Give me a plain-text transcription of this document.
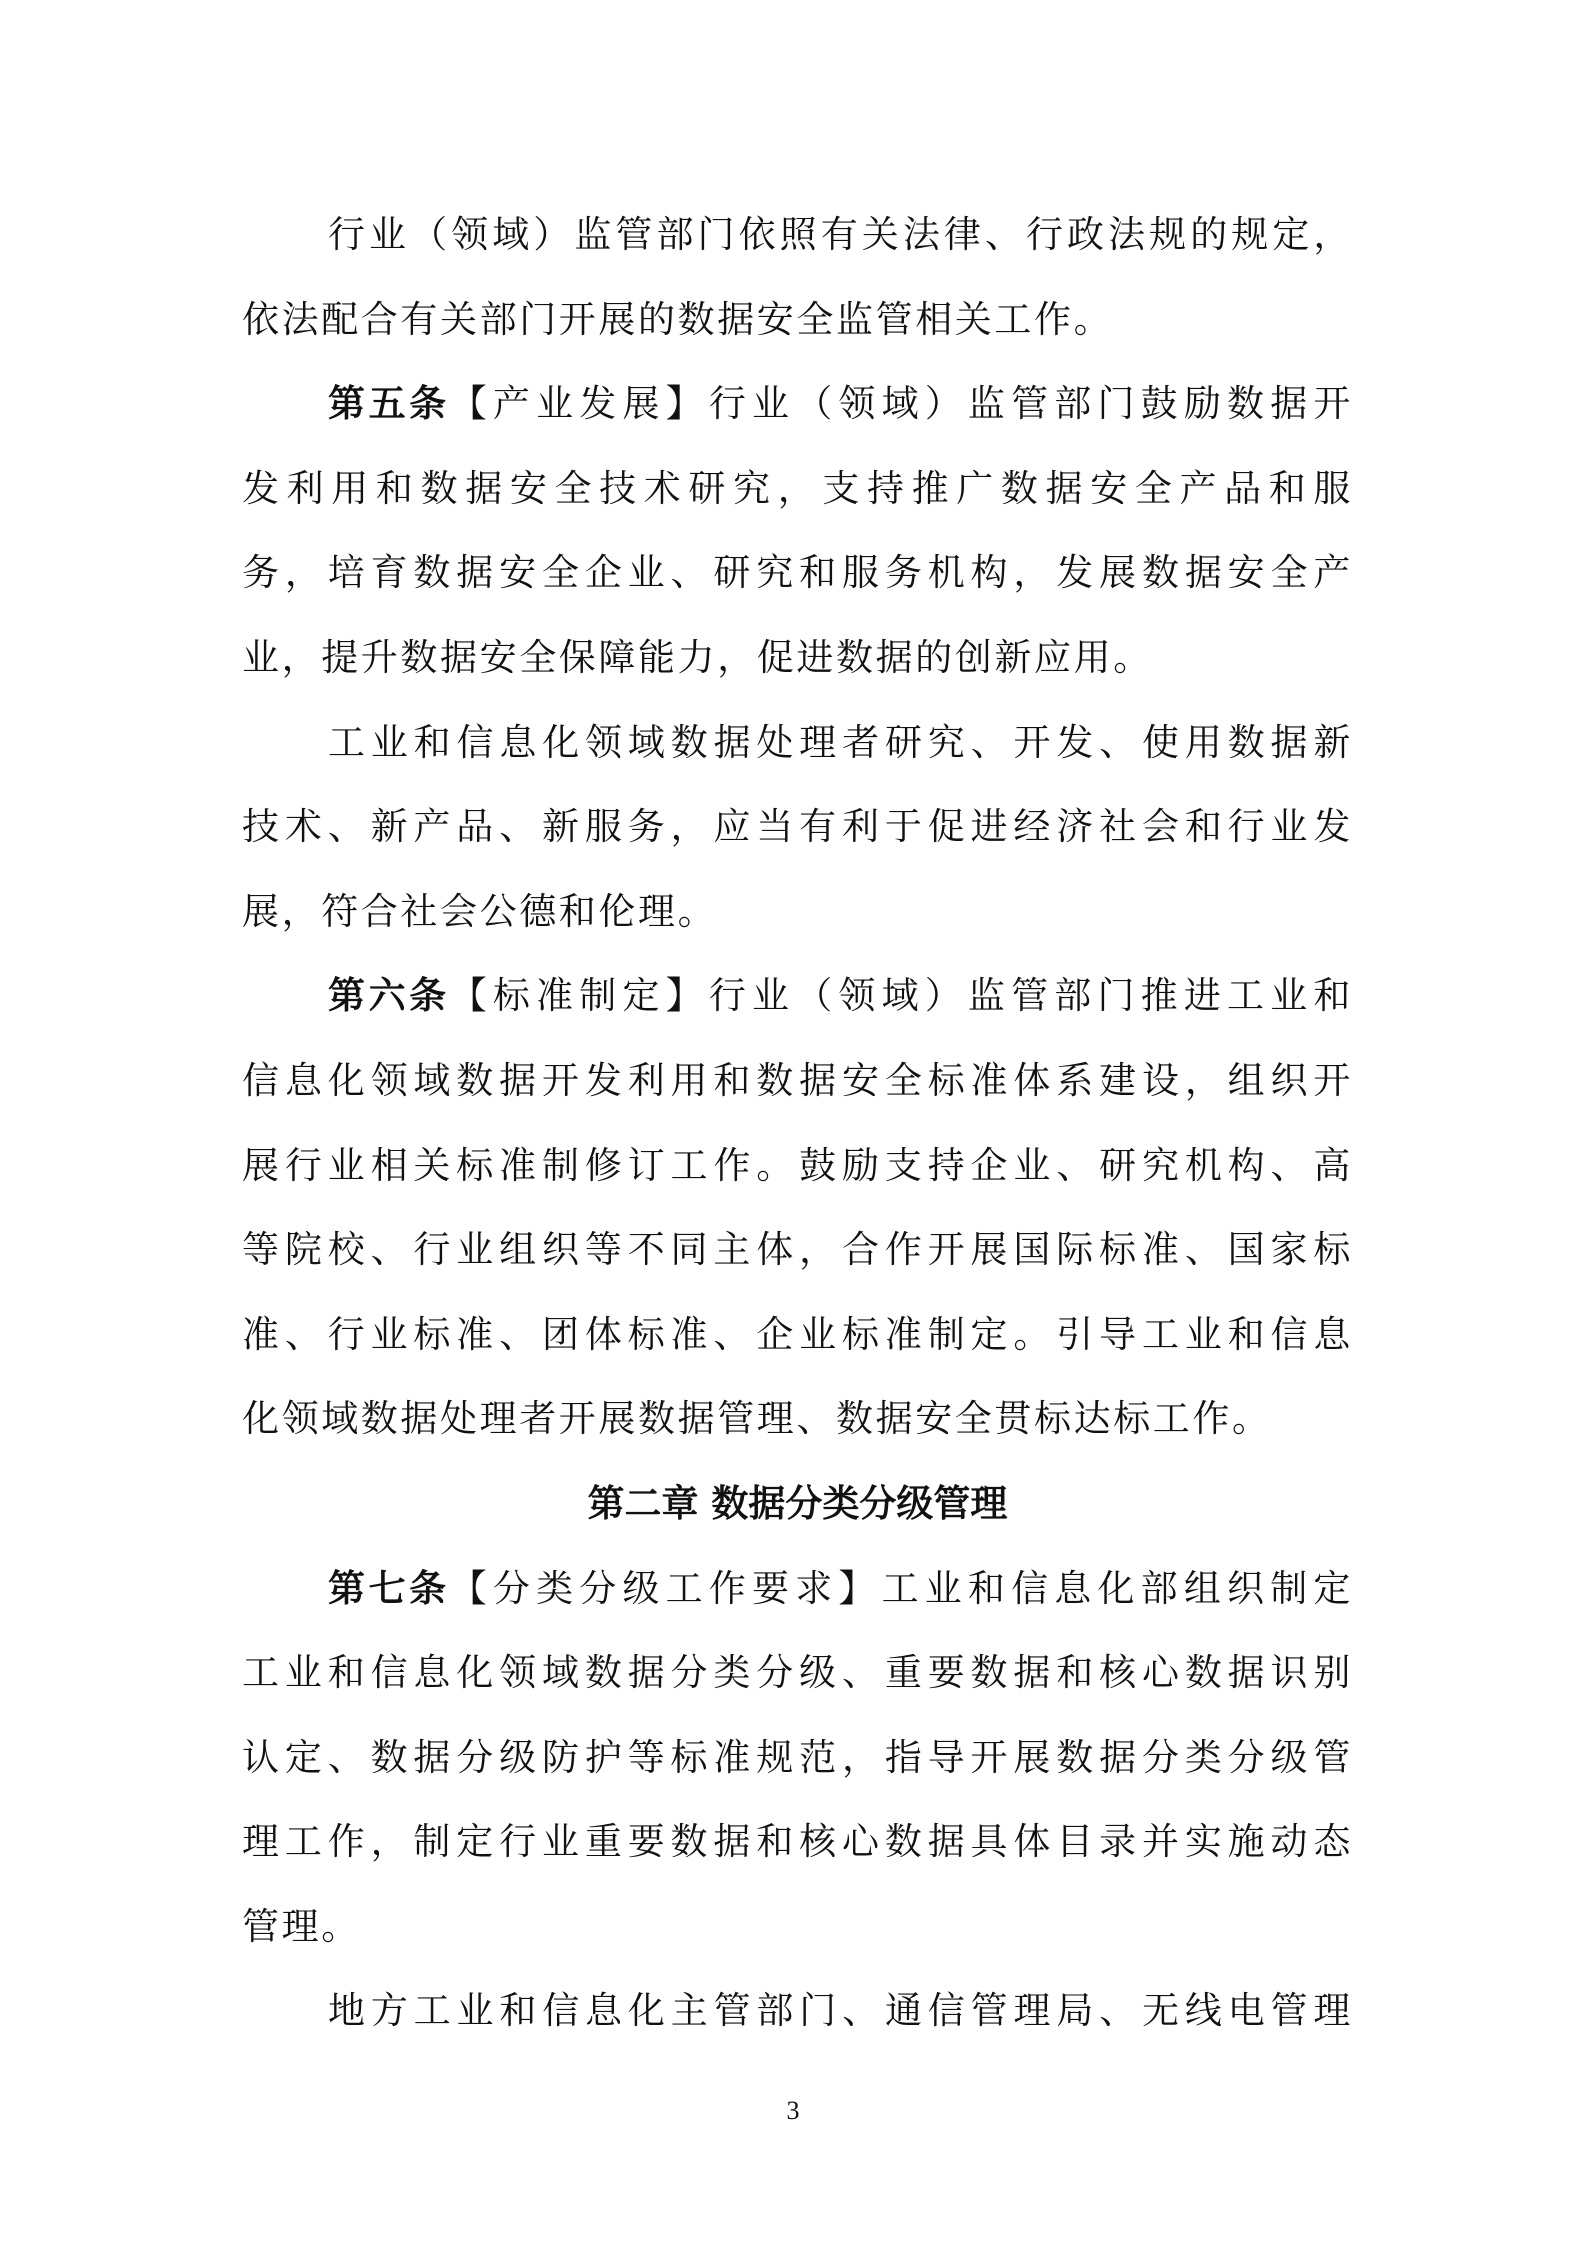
行业（领域）监管部门依照有关法律、行政法规的规定，
依法配合有关部门开展的数据安全监管相关工作。
第五条【产业发展】行业（领域）监管部门鼓励数据开
发利用和数据安全技术研究，支持推广数据安全产品和服
务，培育数据安全企业、研究和服务机构，发展数据安全产
业，提升数据安全保障能力，促进数据的创新应用。
工业和信息化领域数据处理者研究、开发、使用数据新
技术、新产品、新服务，应当有利于促进经济社会和行业发
展，符合社会公德和伦理。
第六条【标准制定】行业（领域）监管部门推进工业和
信息化领域数据开发利用和数据安全标准体系建设，组织开
展行业相关标准制修订工作。鼓励支持企业、研究机构、高
等院校、行业组织等不同主体，合作开展国际标准、国家标
准、行业标准、团体标准、企业标准制定。引导工业和信息
化领域数据处理者开展数据管理、数据安全贯标达标工作。
第二章 数据分类分级管理
第七条【分类分级工作要求】工业和信息化部组织制定
工业和信息化领域数据分类分级、重要数据和核心数据识别
认定、数据分级防护等标准规范，指导开展数据分类分级管
理工作，制定行业重要数据和核心数据具体目录并实施动态
管理。
地方工业和信息化主管部门、通信管理局、无线电管理
3
